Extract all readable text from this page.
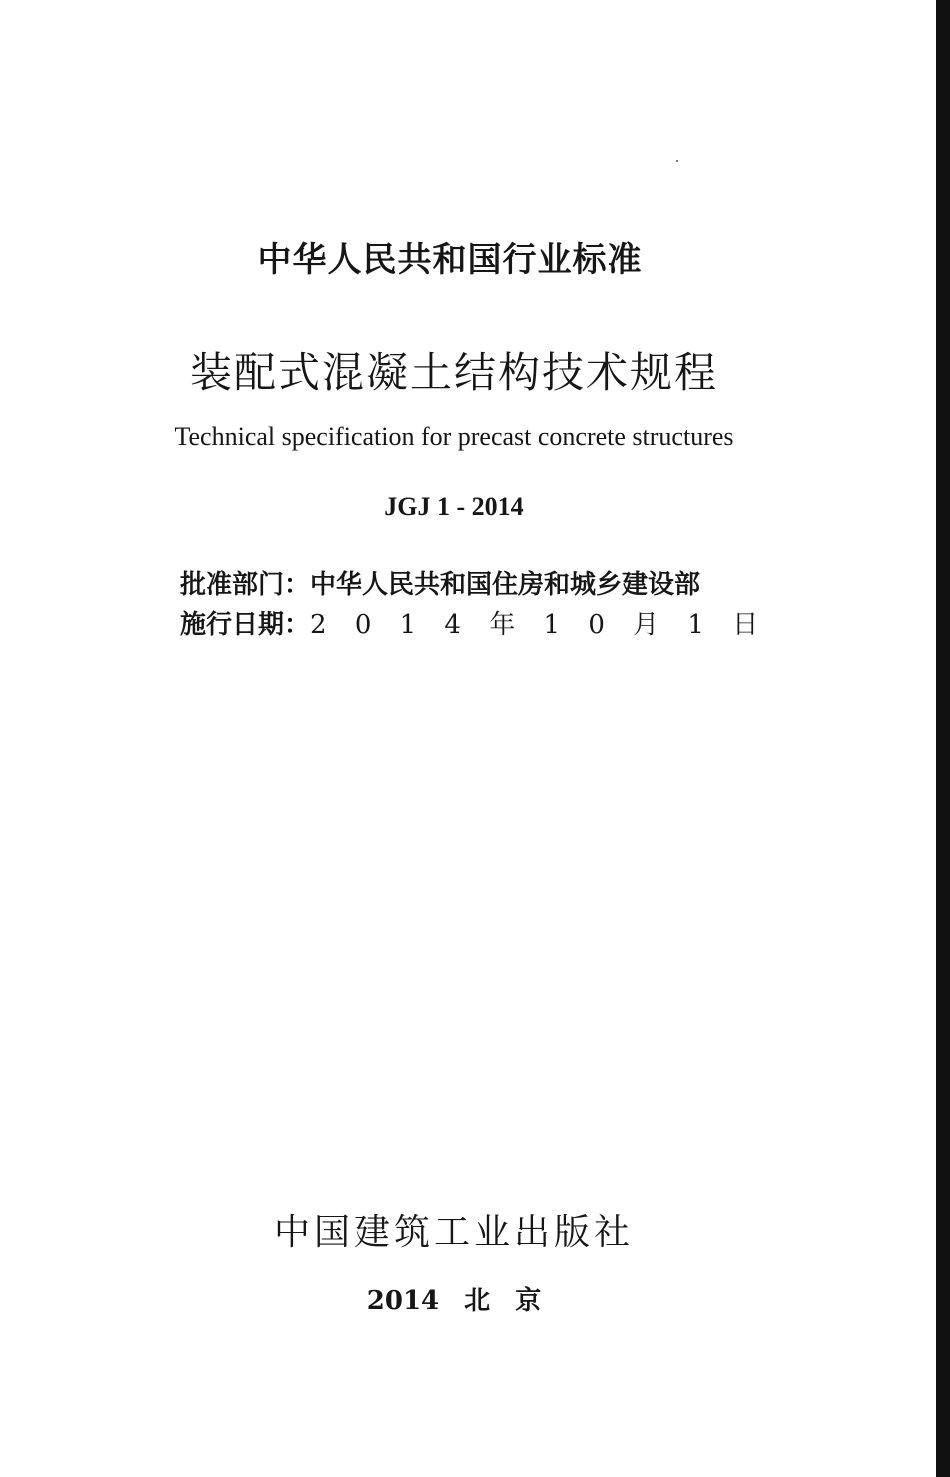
中华人民共和国行业标准
装配式混凝土结构技术规程
Technical specification for precast concrete structures
JGJ 1 - 2014
批准部门：中华人民共和国住房和城乡建设部
施行日期：2 0 1 4 年 1 0 月 1 日
中国建筑工业出版社
2014 北 京
